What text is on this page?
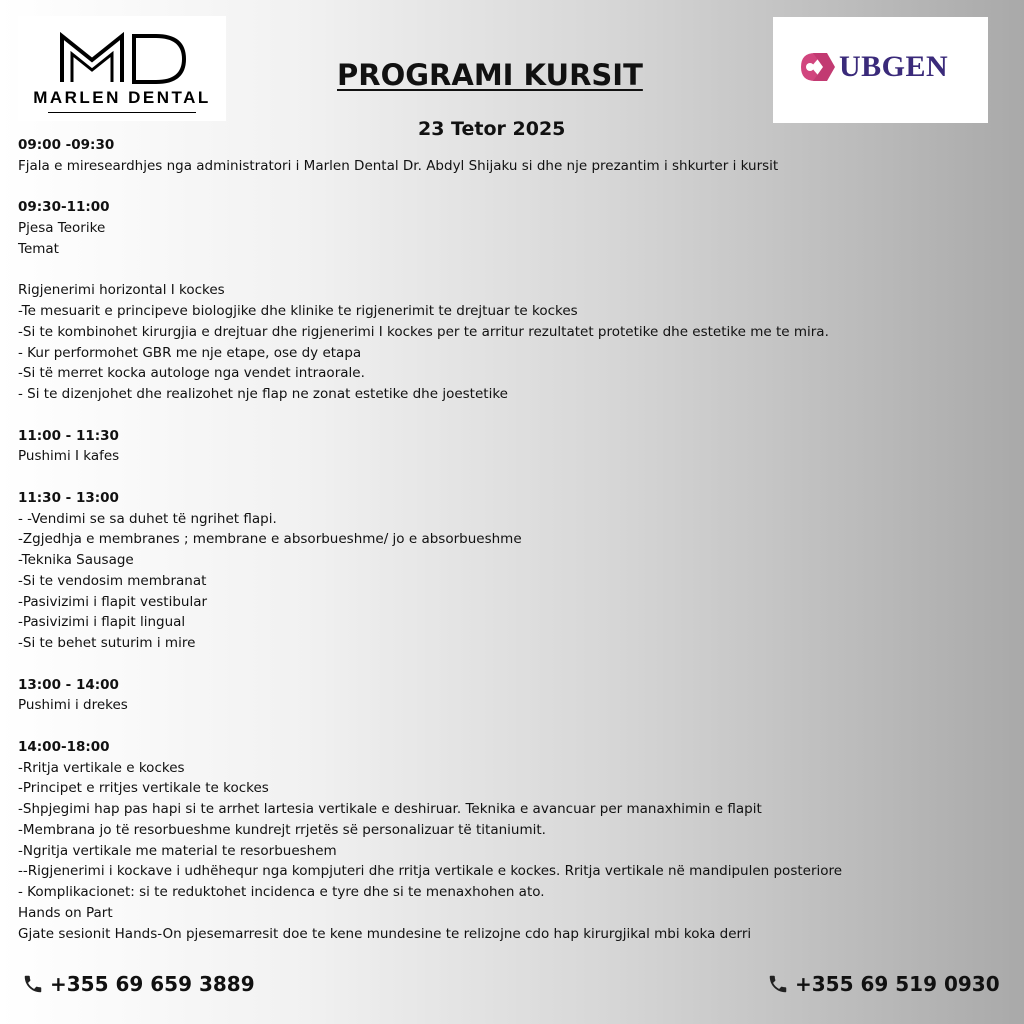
MARLEN DENTAL
UBGEN
PROGRAMI KURSIT
23 Tetor 2025
09:00 -09:30
Fjala e mireseardhjes nga administratori i Marlen Dental Dr. Abdyl Shijaku si dhe nje prezantim i shkurter i kursit
09:30-11:00
Pjesa Teorike
Temat
Rigjenerimi horizontal I kockes
-Te mesuarit e principeve biologjike dhe klinike te rigjenerimit te drejtuar te kockes
-Si te kombinohet kirurgjia e drejtuar dhe rigjenerimi I kockes per te arritur rezultatet protetike dhe estetike me te mira.
- Kur performohet GBR me nje etape, ose dy etapa
-Si të merret kocka autologe nga vendet intraorale.
- Si te dizenjohet dhe realizohet nje flap ne zonat estetike dhe joestetike
11:00 - 11:30
Pushimi I kafes
11:30 - 13:00
- -Vendimi se sa duhet të ngrihet flapi.
-Zgjedhja e membranes ; membrane e absorbueshme/ jo e absorbueshme
-Teknika Sausage
-Si te vendosim membranat
-Pasivizimi i flapit vestibular
-Pasivizimi i flapit lingual
-Si te behet suturim i mire
13:00 - 14:00
Pushimi i drekes
14:00-18:00
-Rritja vertikale e kockes
-Principet e rritjes vertikale te kockes
-Shpjegimi hap pas hapi si te arrhet lartesia vertikale e deshiruar. Teknika e avancuar per manaxhimin e flapit
-Membrana jo të resorbueshme kundrejt rrjetës së personalizuar të titaniumit.
-Ngritja vertikale me material te resorbueshem
--Rigjenerimi i kockave i udhëhequr nga kompjuteri dhe rritja vertikale e kockes. Rritja vertikale në mandipulen posteriore
- Komplikacionet: si te reduktohet incidenca e tyre dhe si te menaxhohen ato.
Hands on Part
Gjate sesionit Hands-On pjesemarresit doe te kene mundesine te relizojne cdo hap kirurgjikal mbi koka derri
+355 69 659 3889	+355 69 519 0930
